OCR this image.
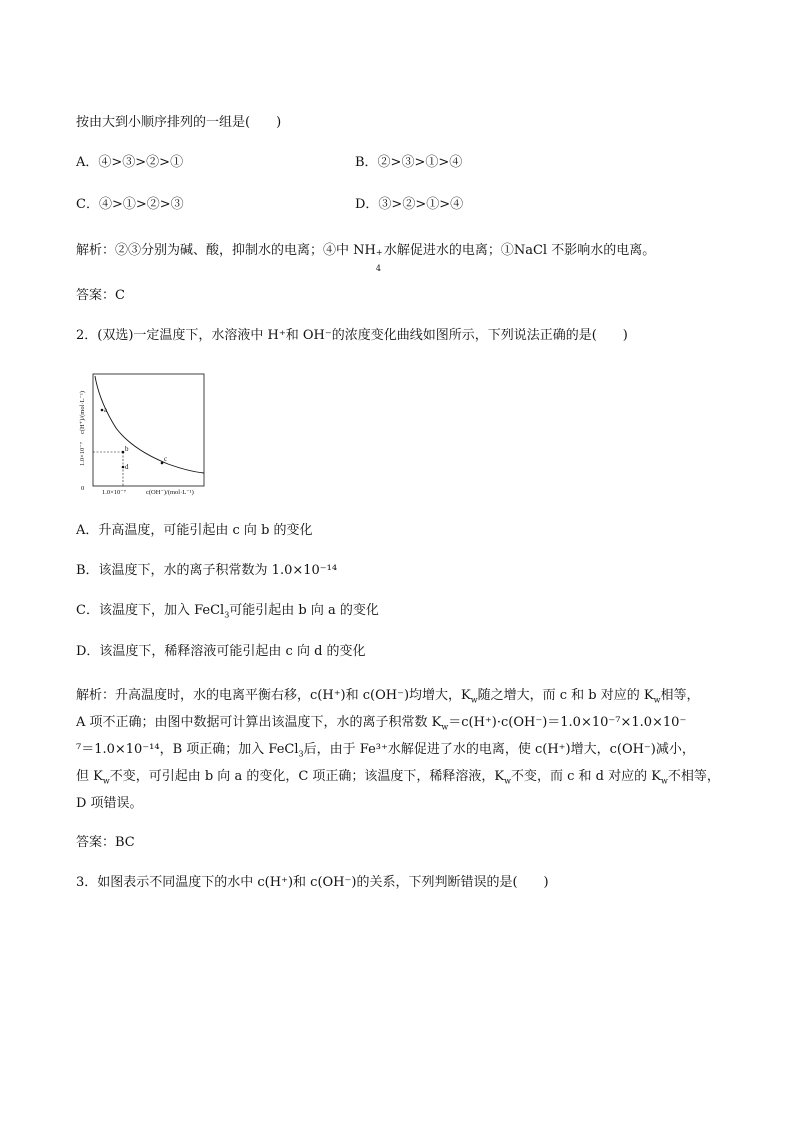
按由大到小顺序排列的一组是(　　)
A．④>③>②>①	B．②>③>①>④
C．④>①>②>③	D．③>②>①>④
解析：②③分别为碱、酸，抑制水的电离；④中 NH +
4
水解促进水的电离；①NaCl 不影响水的电离。
答案：C
2．(双选)一定温度下，水溶液中 H⁺和 OH⁻的浓度变化曲线如图所示，下列说法正确的是(　　)
a
b
c
d
c(H⁺)/(mol·L⁻¹)
1.0×10⁻⁷
0
1.0×10⁻⁷	c(OH⁻)/(mol·L⁻¹)
A．升高温度，可能引起由 c 向 b 的变化
B．该温度下，水的离子积常数为 1.0×10⁻¹⁴
C．该温度下，加入 FeCl$_3$可能引起由 b 向 a 的变化
D．该温度下，稀释溶液可能引起由 c 向 d 的变化
解析：升高温度时，水的电离平衡右移，c(H⁺)和 c(OH⁻)均增大，$K_w$随之增大，而 c 和 b 对应的 $K_w$相等，
A 项不正确；由图中数据可计算出该温度下，水的离子积常数 $K_w=c(H^+)\cdot c(OH^-)=1.0\times 10^{-7}\times 1.0\times 10^-$
⁷＝1.0×10⁻¹⁴，B 项正确；加入 FeCl$_3$后，由于 Fe³⁺水解促进了水的电离，使 c(H⁺)增大，c(OH⁻)减小，
但 $K_w$不变，可引起由 b 向 a 的变化，C 项正确；该温度下，稀释溶液，$K_w$不变，而 c 和 d 对应的 $K_w$不相等，
D 项错误。
答案：BC
3．如图表示不同温度下的水中 c(H⁺)和 c(OH⁻)的关系，下列判断错误的是(　　)
